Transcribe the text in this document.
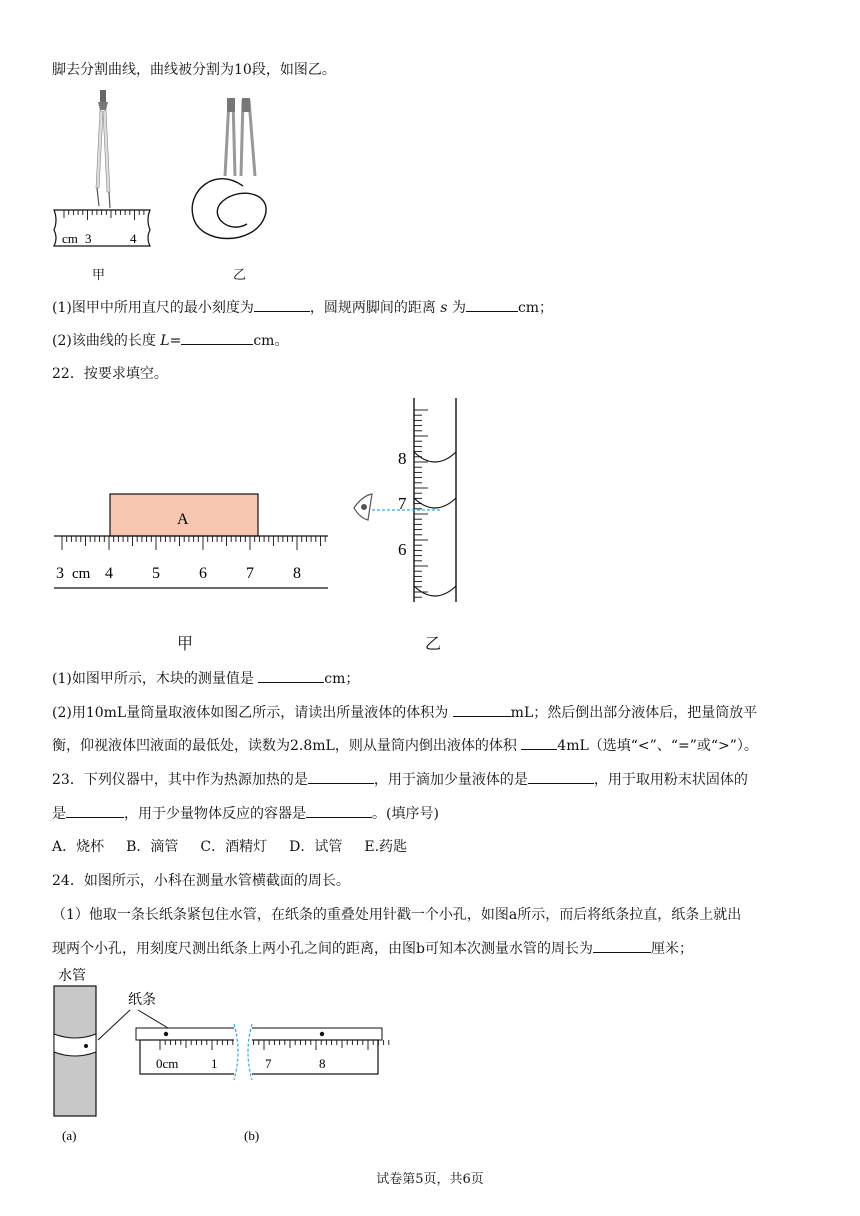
脚去分割曲线，曲线被分割为10段，如图乙。
cm 3	4
甲	乙
(1)图甲中所用直尺的最小刻度为	，圆规两脚间的距离 s 为	cm；
(2)该曲线的长度 L=	cm。
22．按要求填空。
A
3	4 5 6 7 8
cm
8
7
6
甲	乙
(1)如图甲所示，木块的测量值是	cm；
(2)用10mL量筒量取液体如图乙所示，请读出所量液体的体积为	mL；然后倒出部分液体后，把量筒放平
衡，仰视液体凹液面的最低处，读数为2.8mL，则从量筒内倒出液体的体积	4mL（选填“<”、“=”或“>”）。
23．下列仪器中，其中作为热源加热的是	，用于滴加少量液体的是	，用于取用粉末状固体的
是	，用于少量物体反应的容器是	。(填序号)
A．烧杯 B．滴管 C．酒精灯 D．试管 E.药匙
24．如图所示，小科在测量水管横截面的周长。
（1）他取一条长纸条紧包住水管，在纸条的重叠处用针戳一个小孔，如图a所示，而后将纸条拉直，纸条上就出
现两个小孔，用刻度尺测出纸条上两小孔之间的距离，由图b可知本次测量水管的周长为	厘米；
水管
纸条
0cm	1	7	8
(a)	(b)
试卷第5页，共6页
